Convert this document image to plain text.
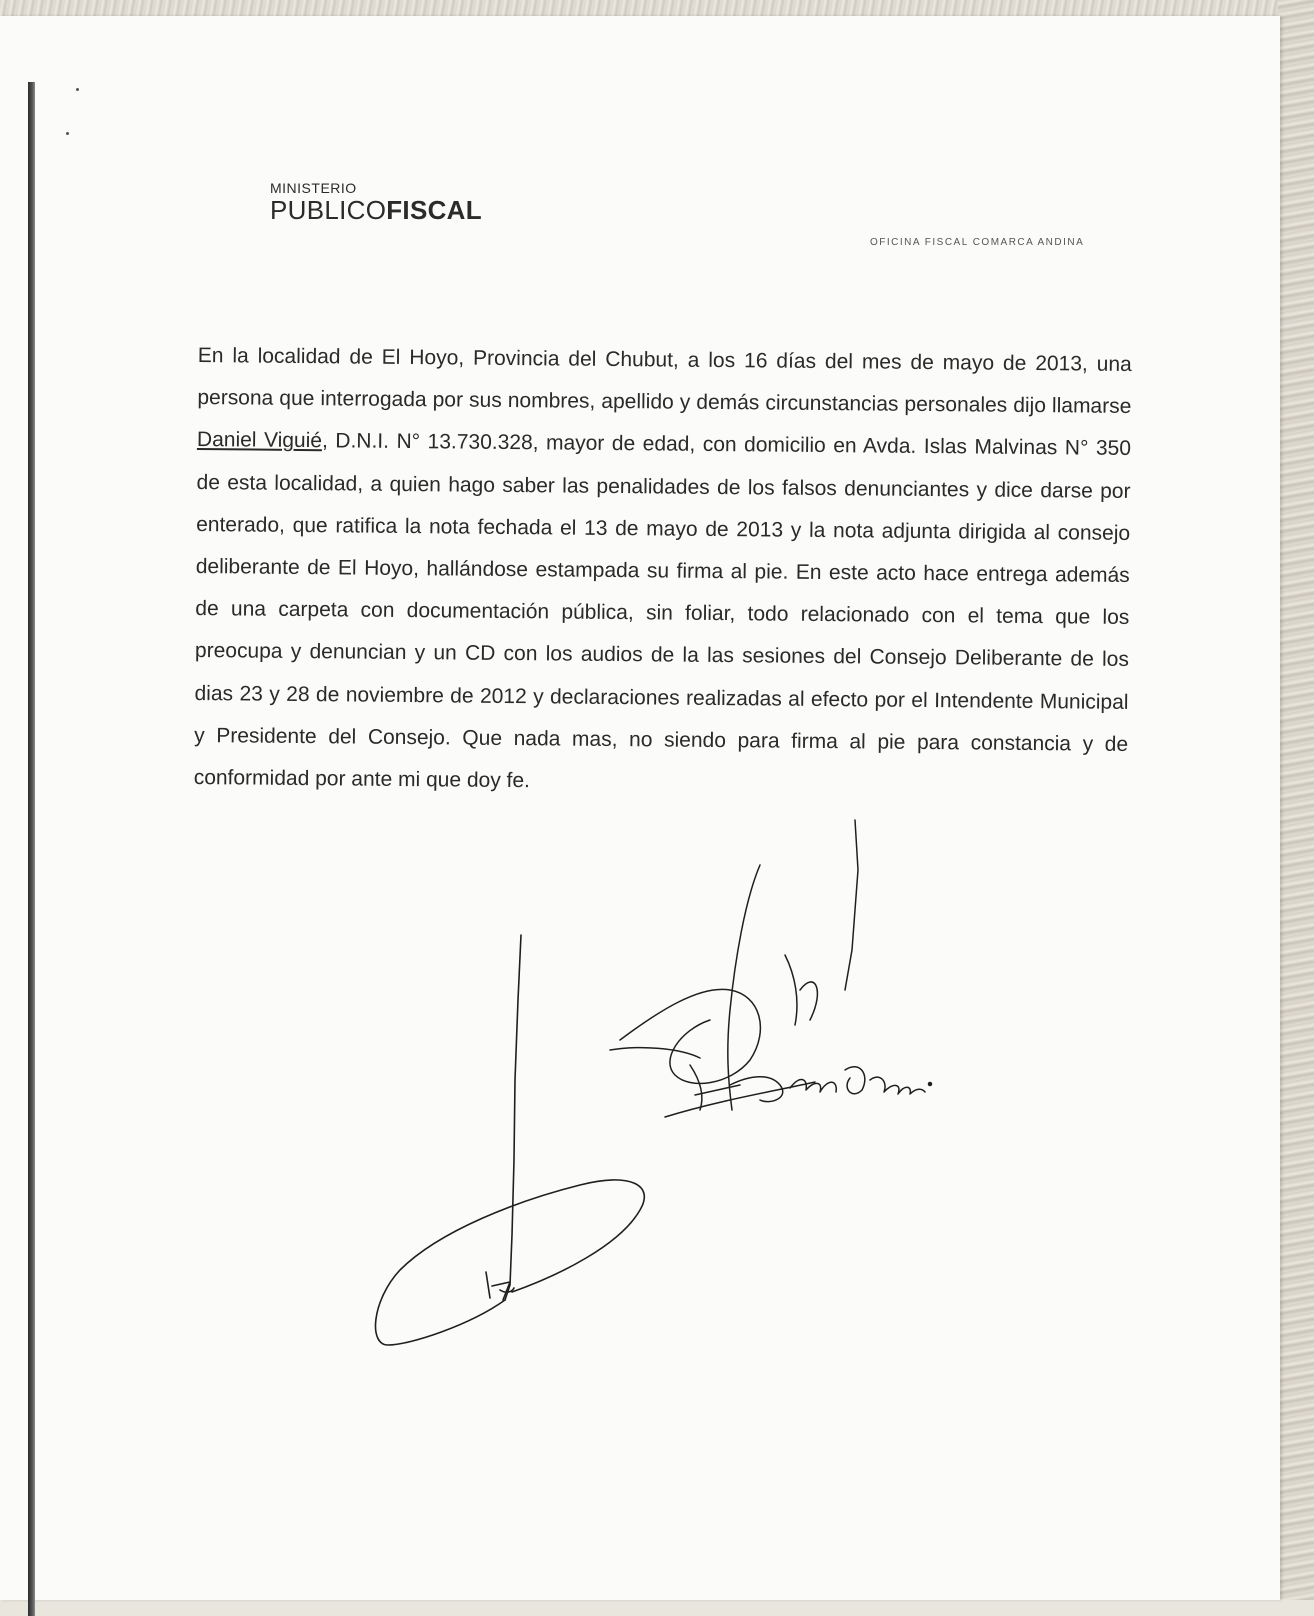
MINISTERIO
PUBLICOFISCAL
OFICINA FISCAL COMARCA ANDINA

En la localidad de El Hoyo, Provincia del Chubut, a los 16 días del mes de mayo de 2013, una persona que interrogada por sus nombres, apellido y demás circunstancias personales dijo llamarse Daniel Viguié, D.N.I. N° 13.730.328, mayor de edad, con domicilio en Avda. Islas Malvinas N° 350 de esta localidad, a quien hago saber las penalidades de los falsos denunciantes y dice darse por enterado, que ratifica la nota fechada el 13 de mayo de 2013 y la nota adjunta dirigida al consejo deliberante de El Hoyo, hallándose estampada su firma al pie. En este acto hace entrega además de una carpeta con documentación pública, sin foliar, todo relacionado con el tema que los preocupa y denuncian y un CD con los audios de la las sesiones del Consejo Deliberante de los dias 23 y 28 de noviembre de 2012 y declaraciones realizadas al efecto por el Intendente Municipal y Presidente del Consejo. Que nada mas, no siendo para firma al pie para constancia y de conformidad por ante mi que doy fe.
